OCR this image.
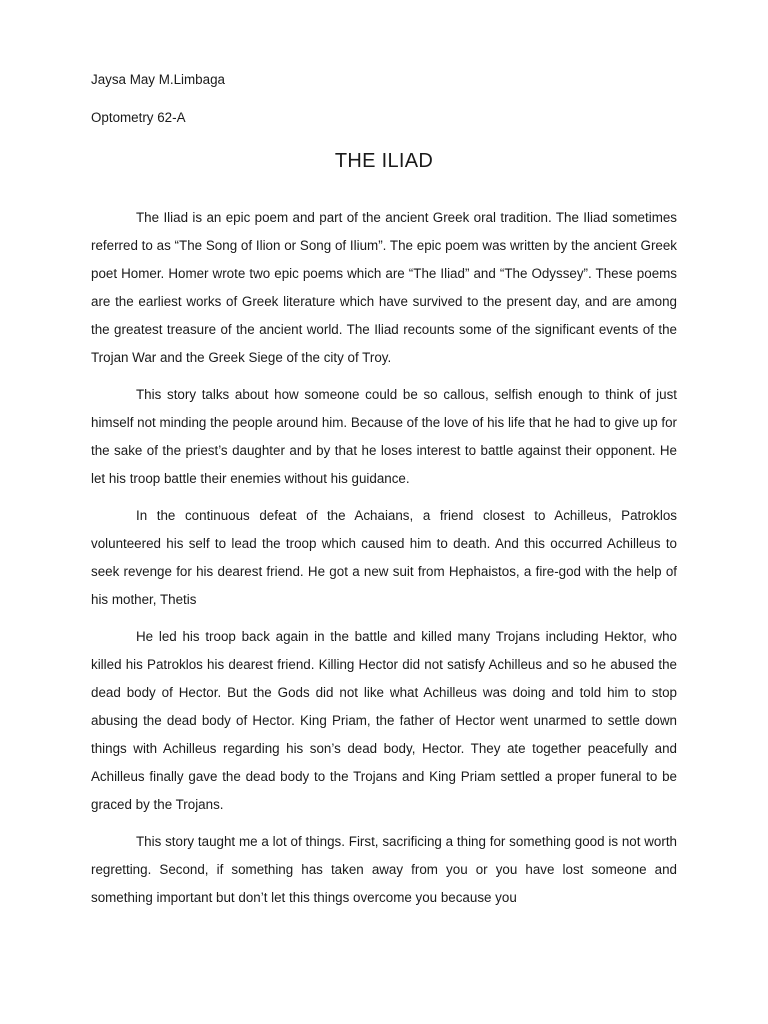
Jaysa May M.Limbaga

Optometry 62-A

THE ILIAD

The Iliad is an epic poem and part of the ancient Greek oral tradition. The Iliad sometimes referred to as “The Song of Ilion or Song of Ilium”. The epic poem was written by the ancient Greek poet Homer. Homer wrote two epic poems which are “The Iliad” and “The Odyssey”. These poems are the earliest works of Greek literature which have survived to the present day, and are among the greatest treasure of the ancient world. The Iliad recounts some of the significant events of the Trojan War and the Greek Siege of the city of Troy.

This story talks about how someone could be so callous, selfish enough to think of just himself not minding the people around him. Because of the love of his life that he had to give up for the sake of the priest’s daughter and by that he loses interest to battle against their opponent. He let his troop battle their enemies without his guidance.

In the continuous defeat of the Achaians, a friend closest to Achilleus, Patroklos volunteered his self to lead the troop which caused him to death. And this occurred Achilleus to seek revenge for his dearest friend. He got a new suit from Hephaistos, a fire-god with the help of his mother, Thetis

He led his troop back again in the battle and killed many Trojans including Hektor, who killed his Patroklos his dearest friend. Killing Hector did not satisfy Achilleus and so he abused the dead body of Hector. But the Gods did not like what Achilleus was doing and told him to stop abusing the dead body of Hector. King Priam, the father of Hector went unarmed to settle down things with Achilleus regarding his son’s dead body, Hector. They ate together peacefully and Achilleus finally gave the dead body to the Trojans and King Priam settled a proper funeral to be graced by the Trojans.

This story taught me a lot of things. First, sacrificing a thing for something good is not worth regretting. Second, if something has taken away from you or you have lost someone and something important but don’t let this things overcome you because you
